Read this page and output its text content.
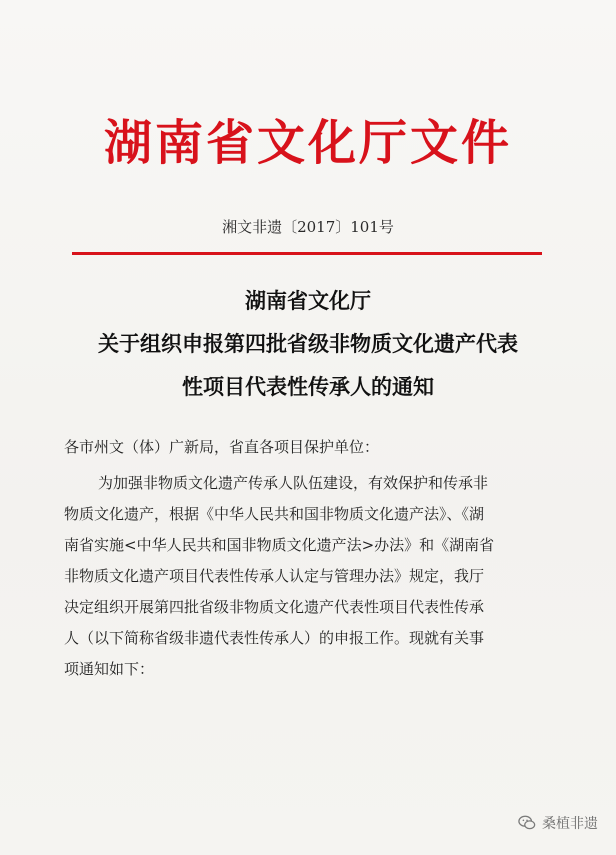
湖南省文化厅文件
湘文非遗〔2017〕101号
湖南省文化厅
关于组织申报第四批省级非物质文化遗产代表
性项目代表性传承人的通知
各市州文（体）广新局，省直各项目保护单位：
为加强非物质文化遗产传承人队伍建设，有效保护和传承非
物质文化遗产，根据《中华人民共和国非物质文化遗产法》、《湖
南省实施<中华人民共和国非物质文化遗产法>办法》和《湖南省
非物质文化遗产项目代表性传承人认定与管理办法》规定，我厅
决定组织开展第四批省级非物质文化遗产代表性项目代表性传承
人（以下简称省级非遗代表性传承人）的申报工作。现就有关事
项通知如下：
桑植非遗
